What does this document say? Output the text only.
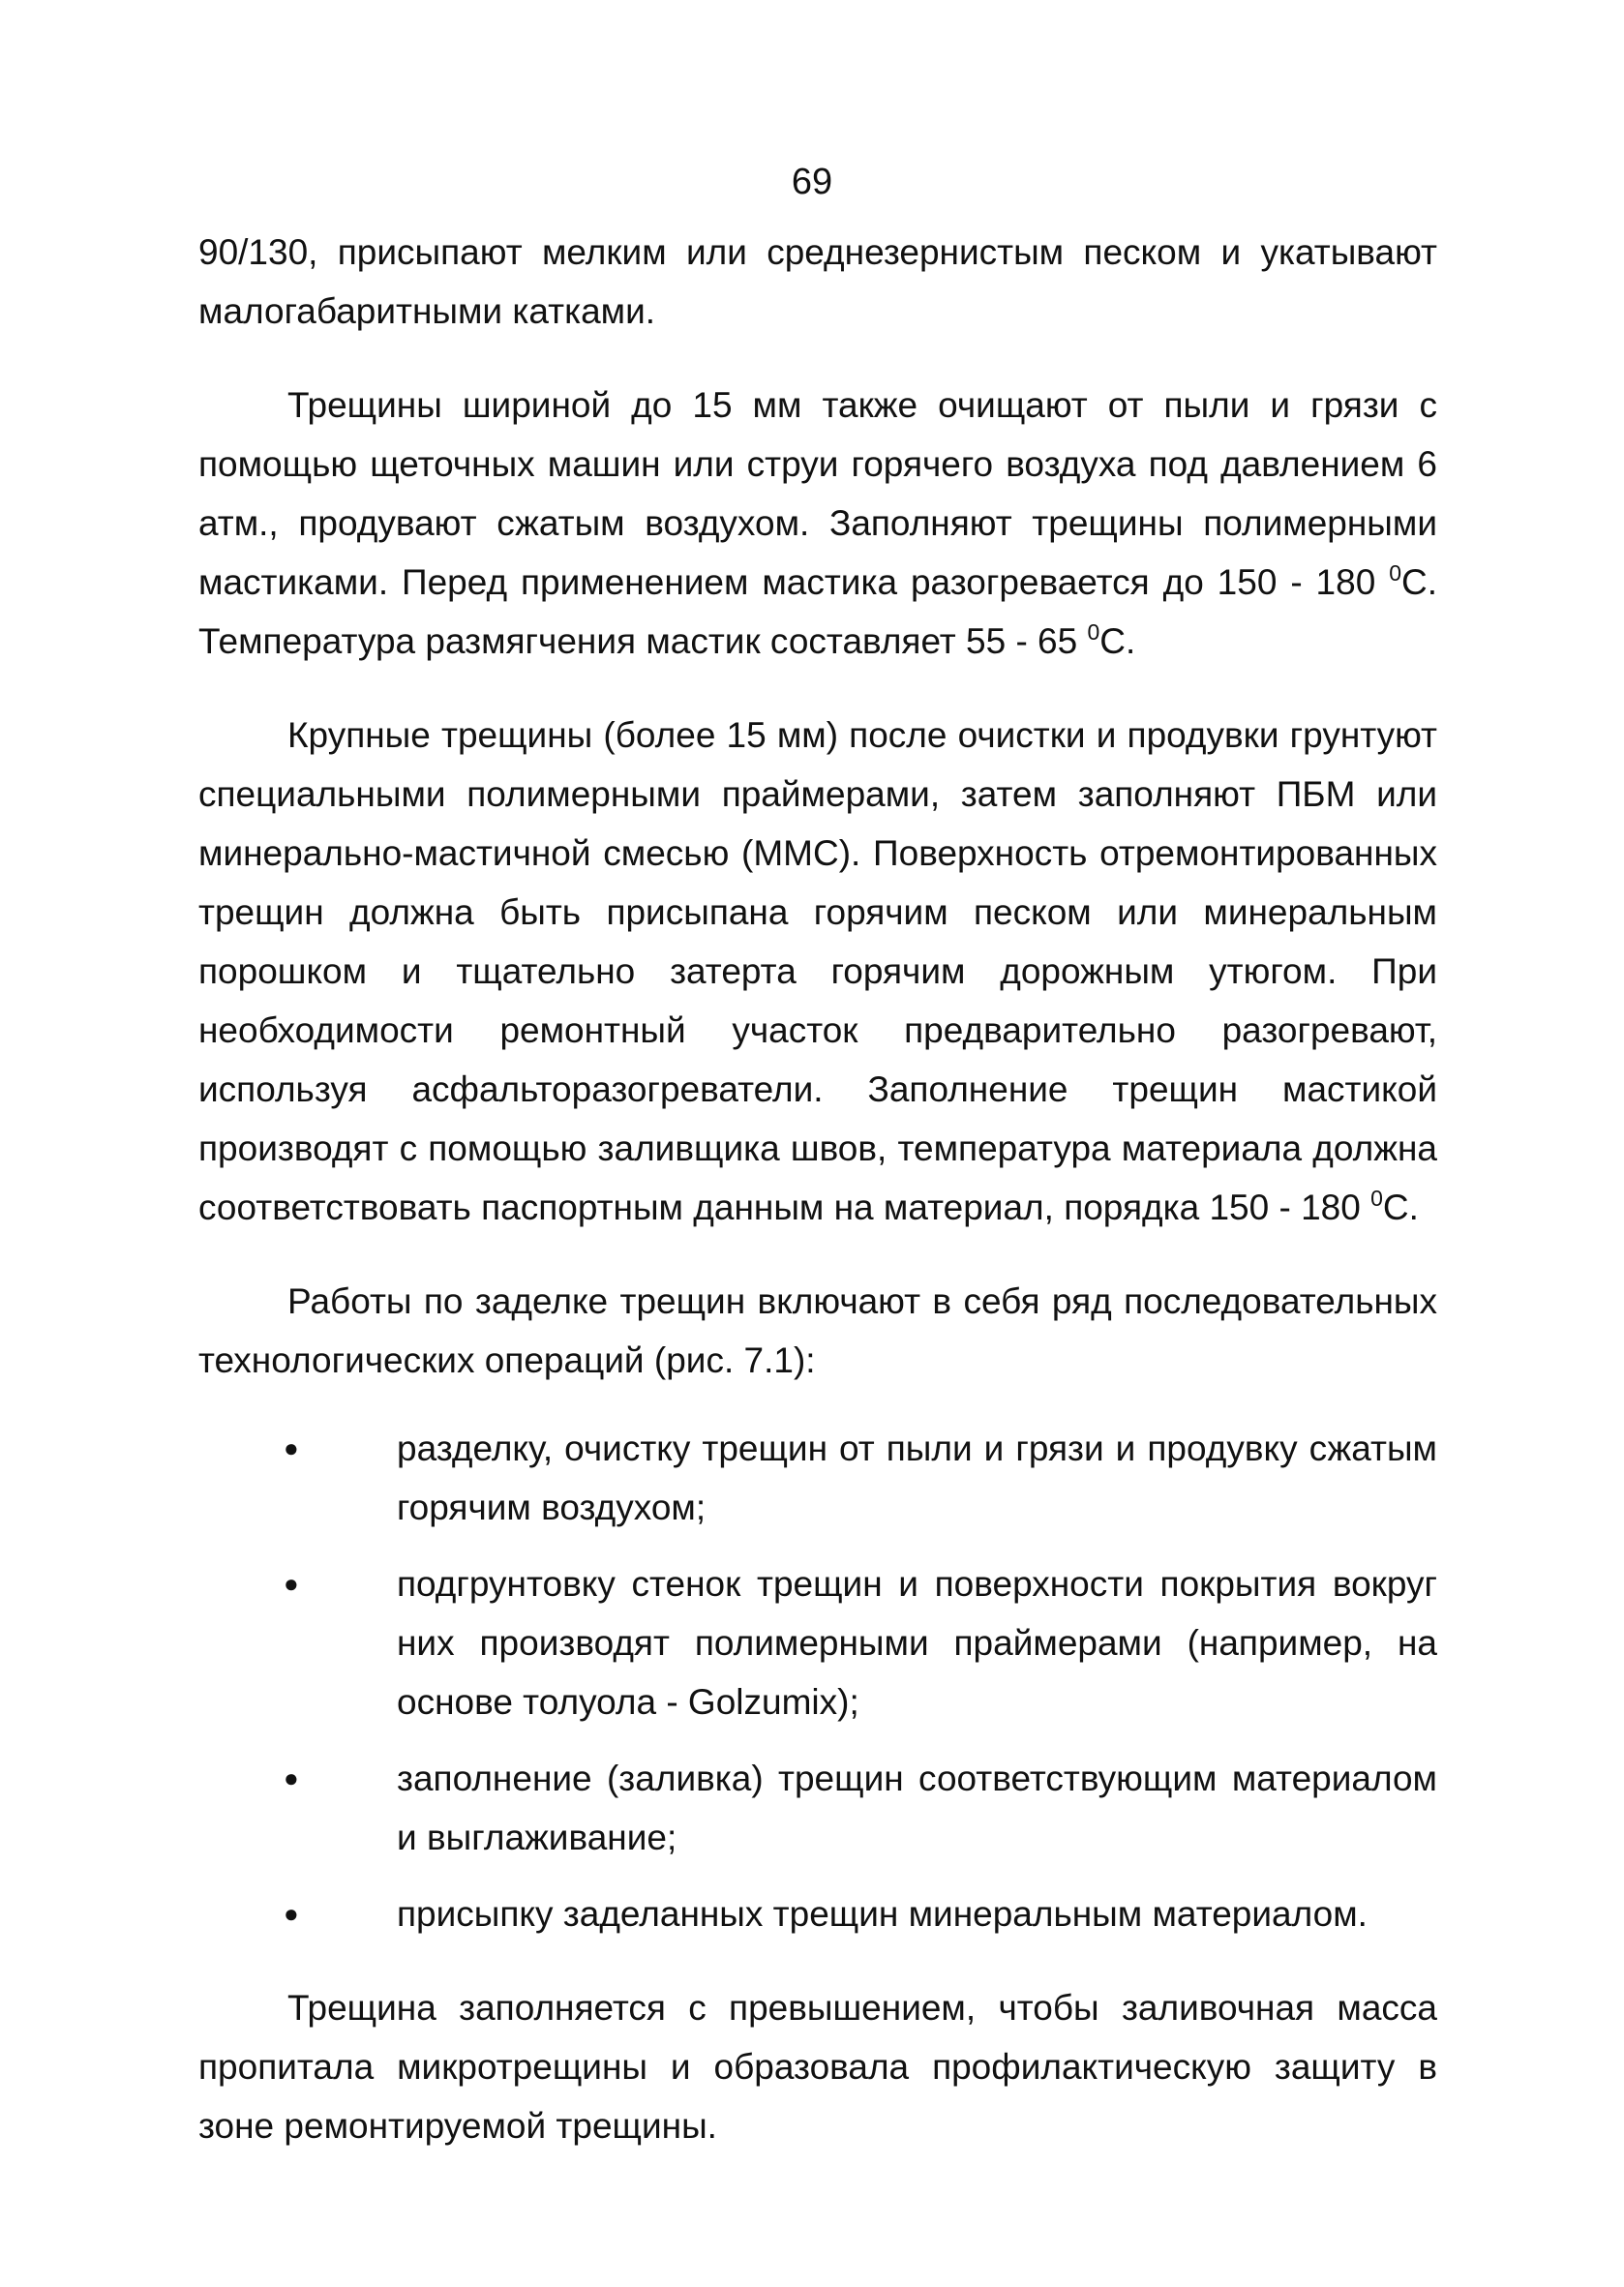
69

90/130, присыпают мелким или среднезернистым песком и укатывают малогабаритными катками.

Трещины шириной до 15 мм также очищают от пыли и грязи с помощью щеточных машин или струи горячего воздуха под давлением 6 атм., продувают сжатым воздухом. Заполняют трещины полимерными мастиками. Перед применением мастика разогревается до 150 - 180 $^0$С. Температура размягчения мастик составляет 55 - 65 $^0$С.

Крупные трещины (более 15 мм) после очистки и продувки грунтуют специальными полимерными праймерами, затем заполняют ПБМ или минерально-мастичной смесью (ММС). Поверхность отремонтированных трещин должна быть присыпана горячим песком или минеральным порошком и тщательно затерта горячим дорожным утюгом. При необходимости ремонтный участок предварительно разогревают, используя асфальторазогреватели. Заполнение трещин мастикой производят с помощью заливщика швов, температура материала должна соответствовать паспортным данным на материал, порядка 150 - 180 $^0$С.

Работы по заделке трещин включают в себя ряд последовательных технологических операций (рис. 7.1):

●	разделку, очистку трещин от пыли и грязи и продувку сжатым горячим воздухом;
●	подгрунтовку стенок трещин и поверхности покрытия вокруг них производят полимерными праймерами (например, на основе толуола - Golzumix);
●	заполнение (заливка) трещин соответствующим материалом и выглаживание;
●	присыпку заделанных трещин минеральным материалом.

Трещина заполняется с превышением, чтобы заливочная масса пропитала микротрещины и образовала профилактическую защиту в зоне ремонтируемой трещины.
